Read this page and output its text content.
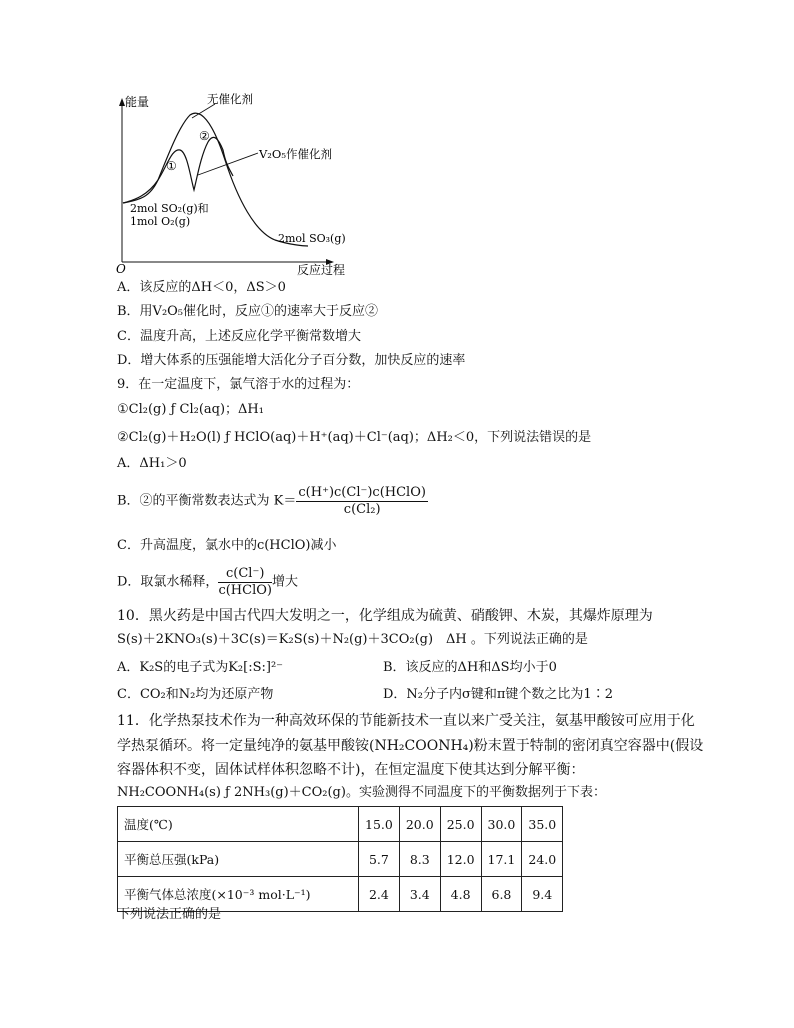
能量	无催化剂
②
V₂O₅作催化剂
①
2mol SO₂(g)和
1mol O₂(g)
2mol SO₃(g)
O	反应过程
A．该反应的ΔH＜0，ΔS＞0
B．用V₂O₅催化时，反应①的速率大于反应②
C．温度升高，上述反应化学平衡常数增大
D．增大体系的压强能增大活化分子百分数，加快反应的速率
9．在一定温度下，氯气溶于水的过程为：
①Cl₂(g) ƒ Cl₂(aq)；ΔH₁
②Cl₂(g)＋H₂O(l) ƒ HClO(aq)＋H⁺(aq)＋Cl⁻(aq)；ΔH₂＜0，下列说法错误的是
A．ΔH₁＞0
B．②的平衡常数表达式为 $K= \frac{\text{c(H⁺)c(Cl⁻)c(HClO)}}{\text{c(Cl₂)}}$
C．升高温度，氯水中的c(HClO)减小
D．取氯水稀释， $\frac{c(Cl^-)}{\text{c(HClO)}}$ 增大
10．黑火药是中国古代四大发明之一，化学组成为硫黄、硝酸钾、木炭，其爆炸原理为
S(s)＋2KNO₃(s)＋3C(s)＝K₂S(s)＋N₂(g)＋3CO₂(g)　ΔH 。下列说法正确的是
A．K₂S的电子式为K₂[:S:]²⁻	B．该反应的ΔH和ΔS均小于0
C．CO₂和N₂均为还原产物	D．N₂分子内σ键和π键个数之比为1∶2
11．化学热泵技术作为一种高效环保的节能新技术一直以来广受关注，氨基甲酸铵可应用于化
学热泵循环。将一定量纯净的氨基甲酸铵(NH₂COONH₄)粉末置于特制的密闭真空容器中(假设
容器体积不变，固体试样体积忽略不计)，在恒定温度下使其达到分解平衡：
NH₂COONH₄(s) ƒ 2NH₃(g)＋CO₂(g)。实验测得不同温度下的平衡数据列于下表：
温度(℃)	15.0	20.0	25.0	30.0	35.0
平衡总压强(kPa)	5.7	8.3	12.0	17.1	24.0
平衡气体总浓度(×10⁻³ mol·L⁻¹)	2.4	3.4	4.8	6.8	9.4
下列说法正确的是
